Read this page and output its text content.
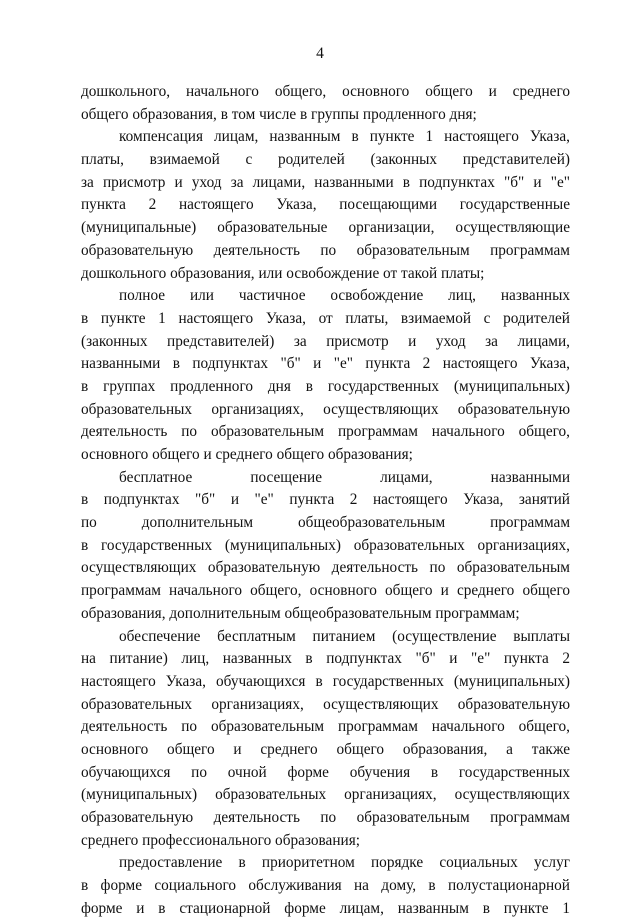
4
дошкольного, начального общего, основного общего и среднего
общего образования, в том числе в группы продленного дня;
компенсация лицам, названным в пункте 1 настоящего Указа,
платы, взимаемой с родителей (законных представителей)
за присмотр и уход за лицами, названными в подпунктах "б" и "е"
пункта 2 настоящего Указа, посещающими государственные
(муниципальные) образовательные организации, осуществляющие
образовательную деятельность по образовательным программам
дошкольного образования, или освобождение от такой платы;
полное или частичное освобождение лиц, названных
в пункте 1 настоящего Указа, от платы, взимаемой с родителей
(законных представителей) за присмотр и уход за лицами,
названными в подпунктах "б" и "е" пункта 2 настоящего Указа,
в группах продленного дня в государственных (муниципальных)
образовательных организациях, осуществляющих образовательную
деятельность по образовательным программам начального общего,
основного общего и среднего общего образования;
бесплатное посещение лицами, названными
в подпунктах "б" и "е" пункта 2 настоящего Указа, занятий
по дополнительным общеобразовательным программам
в государственных (муниципальных) образовательных организациях,
осуществляющих образовательную деятельность по образовательным
программам начального общего, основного общего и среднего общего
образования, дополнительным общеобразовательным программам;
обеспечение бесплатным питанием (осуществление выплаты
на питание) лиц, названных в подпунктах "б" и "е" пункта 2
настоящего Указа, обучающихся в государственных (муниципальных)
образовательных организациях, осуществляющих образовательную
деятельность по образовательным программам начального общего,
основного общего и среднего общего образования, а также
обучающихся по очной форме обучения в государственных
(муниципальных) образовательных организациях, осуществляющих
образовательную деятельность по образовательным программам
среднего профессионального образования;
предоставление в приоритетном порядке социальных услуг
в форме социального обслуживания на дому, в полустационарной
форме и в стационарной форме лицам, названным в пункте 1
